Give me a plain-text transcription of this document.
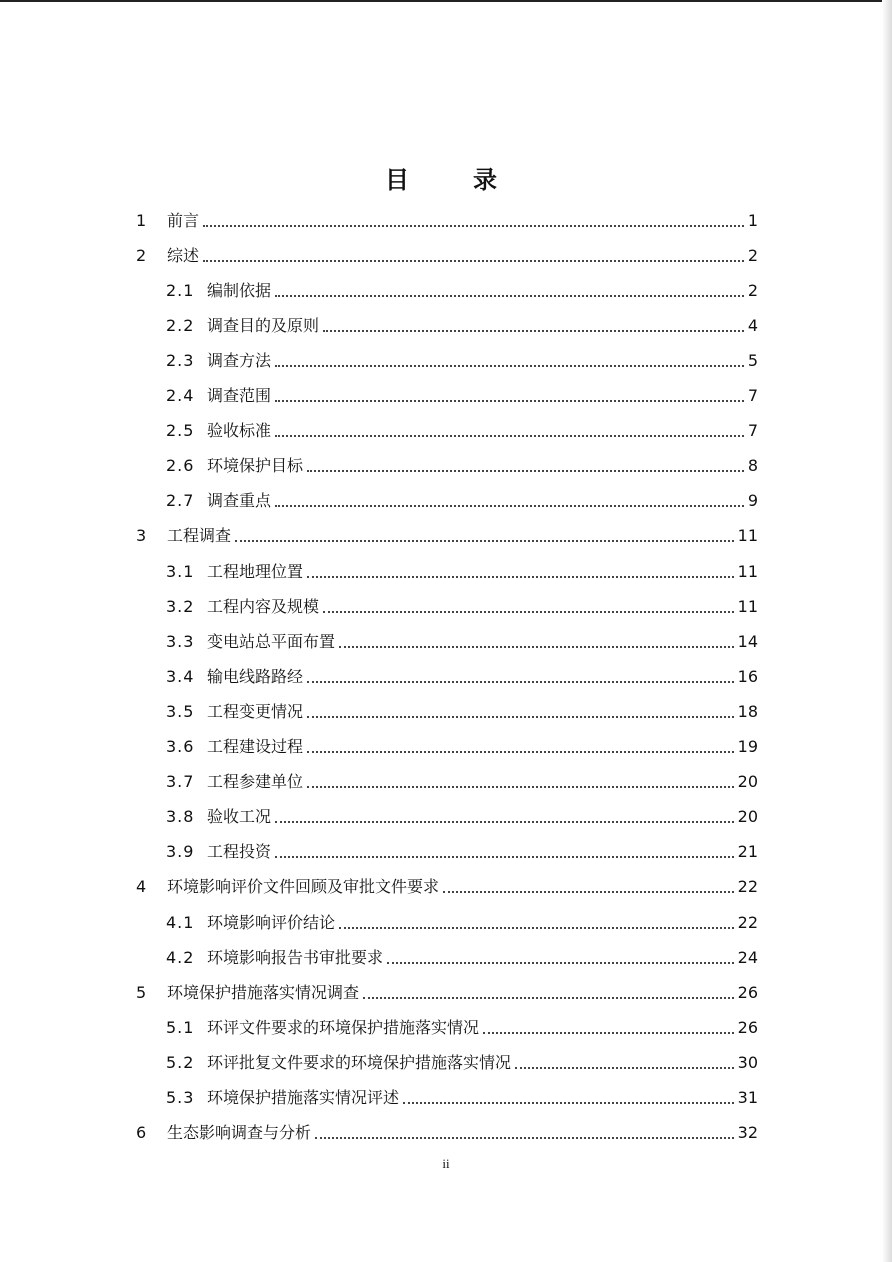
目　录
1	前言	1
2	综述	2
2.1 编制依据	2
2.2 调查目的及原则	4
2.3 调查方法	5
2.4 调查范围	7
2.5 验收标准	7
2.6 环境保护目标	8
2.7 调查重点	9
3	工程调查	11
3.1 工程地理位置	11
3.2 工程内容及规模	11
3.3 变电站总平面布置	14
3.4 输电线路路经	16
3.5 工程变更情况	18
3.6 工程建设过程	19
3.7 工程参建单位	20
3.8 验收工况	20
3.9 工程投资	21
4	环境影响评价文件回顾及审批文件要求	22
4.1 环境影响评价结论	22
4.2 环境影响报告书审批要求	24
5	环境保护措施落实情况调查	26
5.1 环评文件要求的环境保护措施落实情况	26
5.2 环评批复文件要求的环境保护措施落实情况	30
5.3 环境保护措施落实情况评述	31
6	生态影响调查与分析	32
ii
